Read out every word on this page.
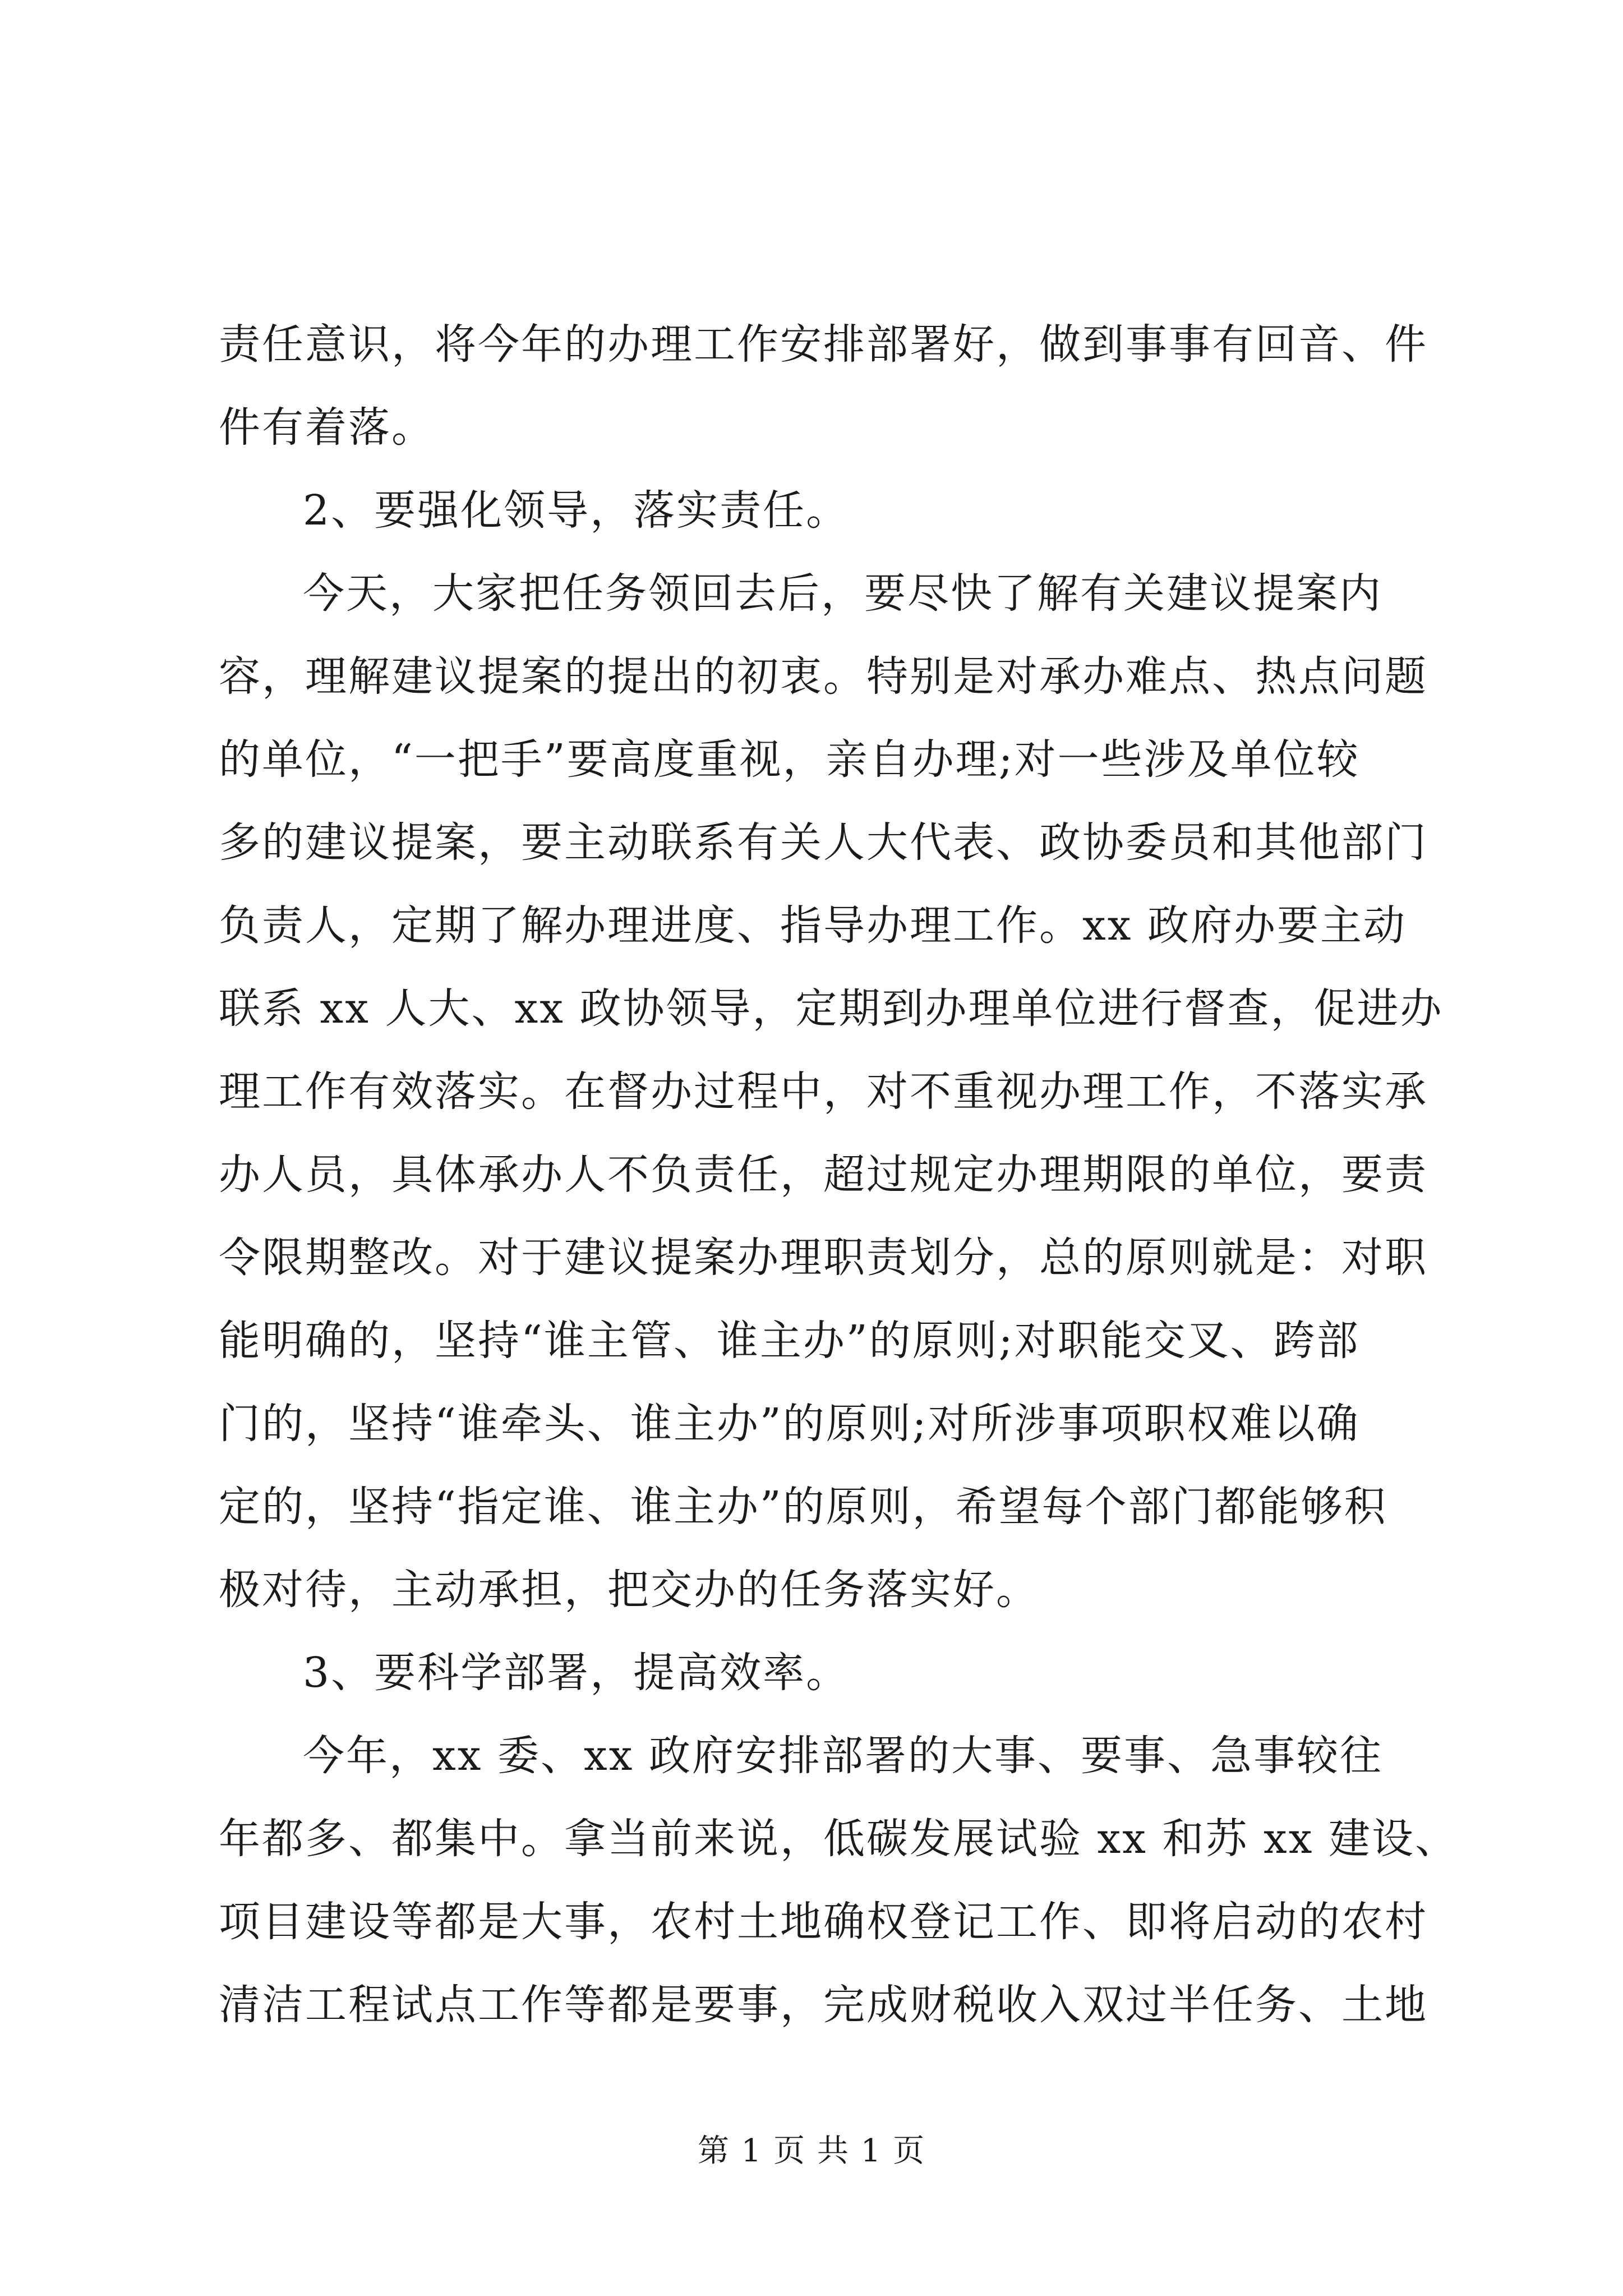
责任意识，将今年的办理工作安排部署好，做到事事有回音、件
件有着落。
2、要强化领导，落实责任。
今天，大家把任务领回去后，要尽快了解有关建议提案内
容，理解建议提案的提出的初衷。特别是对承办难点、热点问题
的单位，“一把手”要高度重视，亲自办理;对一些涉及单位较
多的建议提案，要主动联系有关人大代表、政协委员和其他部门
负责人，定期了解办理进度、指导办理工作。xx 政府办要主动
联系 xx 人大、xx 政协领导，定期到办理单位进行督查，促进办
理工作有效落实。在督办过程中，对不重视办理工作，不落实承
办人员，具体承办人不负责任，超过规定办理期限的单位，要责
令限期整改。对于建议提案办理职责划分，总的原则就是：对职
能明确的，坚持“谁主管、谁主办”的原则;对职能交叉、跨部
门的，坚持“谁牵头、谁主办”的原则;对所涉事项职权难以确
定的，坚持“指定谁、谁主办”的原则，希望每个部门都能够积
极对待，主动承担，把交办的任务落实好。
3、要科学部署，提高效率。
今年，xx 委、xx 政府安排部署的大事、要事、急事较往
年都多、都集中。拿当前来说，低碳发展试验 xx 和苏 xx 建设、
项目建设等都是大事，农村土地确权登记工作、即将启动的农村
清洁工程试点工作等都是要事，完成财税收入双过半任务、土地
第 1 页 共 1 页
